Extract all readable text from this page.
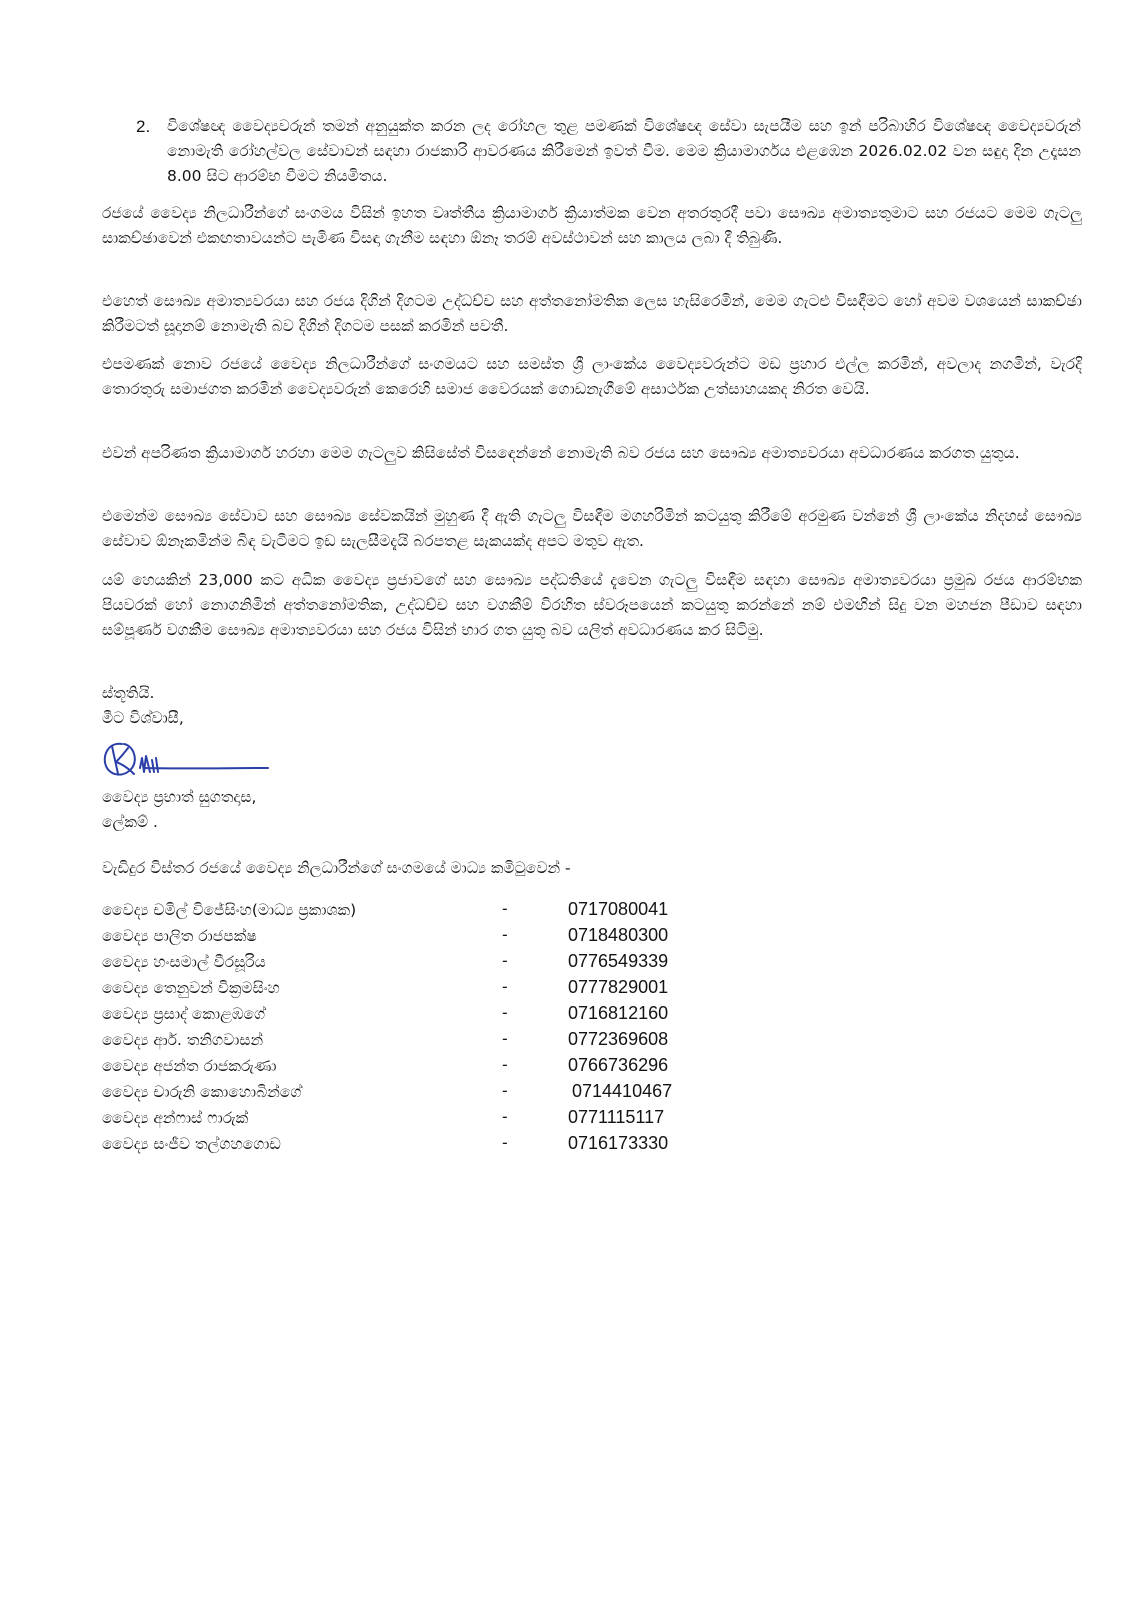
2. විශේෂඥ වෛද්‍යවරුන් තමන් අනුයුක්ත කරන ලද රෝහල තුළ පමණක් විශේෂඥ සේවා සැපයීම සහ ඉන් පරිබාහිර විශේෂඥ වෛද්‍යවරුන් නොමැති රෝහල්වල සේවාවන් සඳහා රාජකාරි ආවරණය කිරීමෙන් ඉවත් වීම. මෙම ක්‍රියාමාර්ගය එළඹෙන 2026.02.02 වන සඳුදා දින උදෑසන 8.00 සිට ආරම්භ වීමට නියමිතය.

රජයේ වෛද්‍ය නිලධාරීන්ගේ සංගමය විසින් ඉහත වෘත්තීය ක්‍රියාමාර්ග ක්‍රියාත්මක වෙන අතරතුරදී පවා සෞඛ්‍ය අමාත්‍යතුමාට සහ රජයට මෙම ගැටලු සාකච්ඡාවෙන් එකඟතාවයන්ට පැමිණ විසඳා ගැනීම සඳහා ඕනෑ තරම් අවස්ථාවන් සහ කාලය ලබා දී තිබුණි.

එහෙත් සෞඛ්‍ය අමාත්‍යවරයා සහ රජය දිගින් දිගටම උද්ධච්ච සහ අත්තනෝමතික ලෙස හැසිරෙමින්, මෙම ගැටළු විසඳීමට හෝ අවම වශයෙන් සාකච්ඡා කිරීමටත් සූදානම් නොමැති බව දිගින් දිගටම පසක් කරමින් පවතී.

එපමණක් නොව රජයේ වෛද්‍ය නිලධාරීන්ගේ සංගමයට සහ සමස්ත ශ්‍රී ලාංකේය වෛද්‍යවරුන්ට මඩ ප්‍රහාර එල්ල කරමින්, අවලාද නගමින්, වැරදි තොරතුරු සමාජගත කරමින් වෛද්‍යවරුන් කෙරෙහි සමාජ වෛරයක් ගොඩනැගීමේ අසාර්ථක උත්සාහයකද නිරත වෙයි.

එවන් අපරිණත ක්‍රියාමාර්ග හරහා මෙම ගැටලුව කිසිසේත් විසඳෙන්නේ නොමැති බව රජය සහ සෞඛ්‍ය අමාත්‍යවරයා අවධාරණය කරගත යුතුය.

එමෙන්ම සෞඛ්‍ය සේවාව සහ සෞඛ්‍ය සේවකයින් මුහුණ දී ඇති ගැටලු විසඳීම මගහරිමින් කටයුතු කිරීමේ අරමුණ වන්නේ ශ්‍රී ලාංකේය නිදහස් සෞඛ්‍ය සේවාව ඕනෑකමින්ම බිඳ වැටීමට ඉඩ සැලසීමදැයි බරපතළ සැකයක්ද අපට මතුව ඇත.

යම් හෙයකින් 23,000 කට අධික වෛද්‍ය ප්‍රජාවගේ සහ සෞඛ්‍ය පද්ධතියේ දැවෙන ගැටලු විසඳීම සඳහා සෞඛ්‍ය අමාත්‍යවරයා ප්‍රමුඛ රජය ආරම්භක පියවරක් හෝ නොගනිමින් අත්තනෝමතික, උද්ධච්ච සහ වගකීම් විරහිත ස්වරූපයෙන් කටයුතු කරන්නේ නම් එමඟින් සිදු වන මහජන පීඩාව සඳහා සම්පූර්ණ වගකීම සෞඛ්‍ය අමාත්‍යවරයා සහ රජය විසින් භාර ගත යුතු බව යලිත් අවධාරණය කර සිටිමු.

ස්තූතියි.

මීට විශ්වාසී,

වෛද්‍ය ප්‍රභාත් සුගතදාස,

ලේකම් .

වැඩිදුර විස්තර රජයේ වෛද්‍ය නිලධාරීන්ගේ සංගමයේ මාධ්‍ය කමිටුවෙන් -

වෛද්‍ය චමිල් විජේසිංහ(මාධ්‍ය ප්‍රකාශක)	-	0717080041
වෛද්‍ය පාලිත රාජපක්ෂ	-	0718480300
වෛද්‍ය හංසමාල් වීරසූරිය	-	0776549339
වෛද්‍ය තෙනුවන් වික්‍රමසිංහ	-	0777829001
වෛද්‍ය ප්‍රසාද් කොළඹගේ	-	0716812160
වෛද්‍ය ආර්. තනිගවාසන්	-	0772369608
වෛද්‍ය අජන්ත රාජකරුණා	-	0766736296
වෛද්‍ය චාරුනි කොහොබින්ගේ	-	0714410467
වෛද්‍ය අන්ෆාස් ෆාරුක්	-	0771115117
වෛද්‍ය සංජීව තල්ගහගොඩ	-	0716173330
